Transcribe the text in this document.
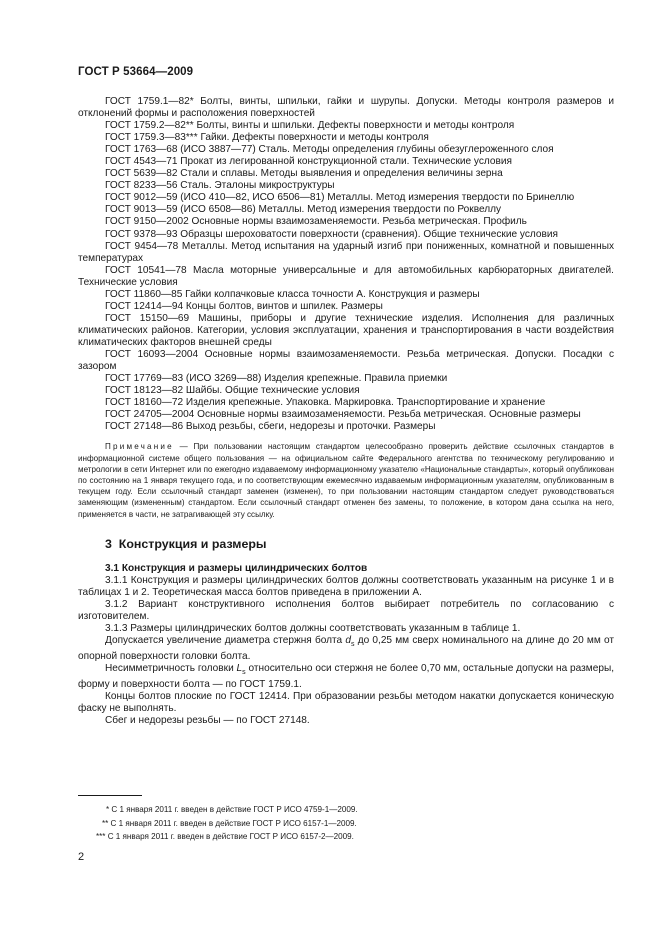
ГОСТ Р 53664—2009
ГОСТ 1759.1—82* Болты, винты, шпильки, гайки и шурупы. Допуски. Методы контроля размеров и отклонений формы и расположения поверхностей
ГОСТ 1759.2—82** Болты, винты и шпильки. Дефекты поверхности и методы контроля
ГОСТ 1759.3—83*** Гайки. Дефекты поверхности и методы контроля
ГОСТ 1763—68 (ИСО 3887—77) Сталь. Методы определения глубины обезуглероженного слоя
ГОСТ 4543—71 Прокат из легированной конструкционной стали. Технические условия
ГОСТ 5639—82 Стали и сплавы. Методы выявления и определения величины зерна
ГОСТ 8233—56 Сталь. Эталоны микроструктуры
ГОСТ 9012—59 (ИСО 410—82, ИСО 6506—81) Металлы. Метод измерения твердости по Бринеллю
ГОСТ 9013—59 (ИСО 6508—86) Металлы. Метод измерения твердости по Роквеллу
ГОСТ 9150—2002 Основные нормы взаимозаменяемости. Резьба метрическая. Профиль
ГОСТ 9378—93 Образцы шероховатости поверхности (сравнения). Общие технические условия
ГОСТ 9454—78 Металлы. Метод испытания на ударный изгиб при пониженных, комнатной и повышенных температурах
ГОСТ 10541—78 Масла моторные универсальные и для автомобильных карбюраторных двигателей. Технические условия
ГОСТ 11860—85 Гайки колпачковые класса точности А. Конструкция и размеры
ГОСТ 12414—94 Концы болтов, винтов и шпилек. Размеры
ГОСТ 15150—69 Машины, приборы и другие технические изделия. Исполнения для различных климатических районов. Категории, условия эксплуатации, хранения и транспортирования в части воздействия климатических факторов внешней среды
ГОСТ 16093—2004 Основные нормы взаимозаменяемости. Резьба метрическая. Допуски. Посадки с зазором
ГОСТ 17769—83 (ИСО 3269—88) Изделия крепежные. Правила приемки
ГОСТ 18123—82 Шайбы. Общие технические условия
ГОСТ 18160—72 Изделия крепежные. Упаковка. Маркировка. Транспортирование и хранение
ГОСТ 24705—2004 Основные нормы взаимозаменяемости. Резьба метрическая. Основные размеры
ГОСТ 27148—86 Выход резьбы, сбеги, недорезы и проточки. Размеры
Примечание — При пользовании настоящим стандартом целесообразно проверить действие ссылочных стандартов в информационной системе общего пользования — на официальном сайте Федерального агентства по техническому регулированию и метрологии в сети Интернет или по ежегодно издаваемому информационному указателю «Национальные стандарты», который опубликован по состоянию на 1 января текущего года, и по соответствующим ежемесячно издаваемым информационным указателям, опубликованным в текущем году. Если ссылочный стандарт заменен (изменен), то при пользовании настоящим стандартом следует руководствоваться заменяющим (измененным) стандартом. Если ссылочный стандарт отменен без замены, то положение, в котором дана ссылка на него, применяется в части, не затрагивающей эту ссылку.
3 Конструкция и размеры
3.1 Конструкция и размеры цилиндрических болтов
3.1.1 Конструкция и размеры цилиндрических болтов должны соответствовать указанным на рисунке 1 и в таблицах 1 и 2. Теоретическая масса болтов приведена в приложении А.
3.1.2 Вариант конструктивного исполнения болтов выбирает потребитель по согласованию с изготовителем.
3.1.3 Размеры цилиндрических болтов должны соответствовать указанным в таблице 1.
Допускается увеличение диаметра стержня болта $d_s$ до 0,25 мм сверх номинального на длине до 20 мм от опорной поверхности головки болта.
Несимметричность головки $L_s$ относительно оси стержня не более 0,70 мм, остальные допуски на размеры, форму и поверхности болта — по ГОСТ 1759.1.
Концы болтов плоские по ГОСТ 12414. При образовании резьбы методом накатки допускается коническую фаску не выполнять.
Сбег и недорезы резьбы — по ГОСТ 27148.
* С 1 января 2011 г. введен в действие ГОСТ Р ИСО 4759-1—2009.
** С 1 января 2011 г. введен в действие ГОСТ Р ИСО 6157-1—2009.
*** С 1 января 2011 г. введен в действие ГОСТ Р ИСО 6157-2—2009.
2
